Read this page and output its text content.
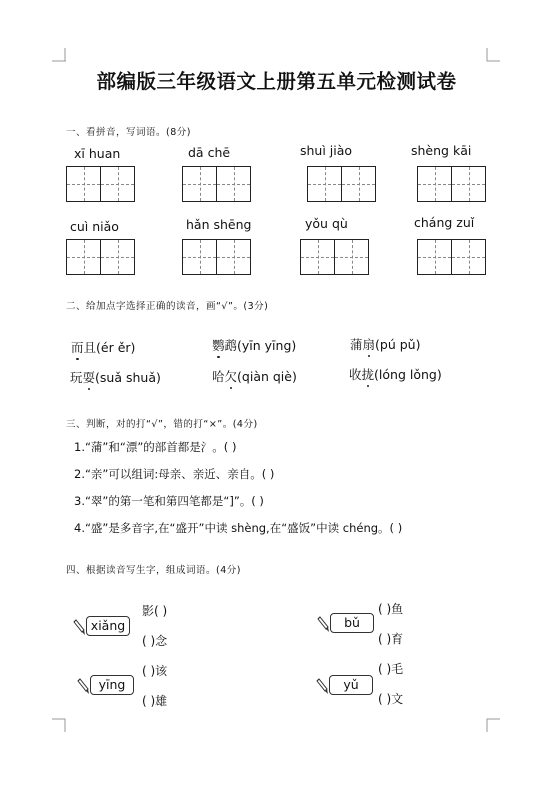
部编版三年级语文上册第五单元检测试卷
一、看拼音，写词语。(8分)
xī huan	dā chē	shuì jiào	shèng kāi
cuì niǎo	hǎn shēng	yǒu qù	cháng zuǐ
二、给加点字选择正确的读音，画“√”。(3分)
而且(ér ěr)	鹦鹉(yīn yīng)	蒲扇(pú pǔ)
玩耍(suǎ shuǎ)	哈欠(qiàn qiè)	收拢(lóng lǒng)
三、判断，对的打“√”，错的打“×”。(4分)
1.“蒲”和“漂”的部首都是氵。( )
2.“亲”可以组词:母亲、亲近、亲自。( )
3.“翠”的第一笔和第四笔都是“]”。( )
4.“盛”是多音字,在“盛开”中读 shèng,在“盛饭”中读 chéng。( )
四、根据读音写生字，组成词语。(4分)
xiǎng
影( )
( )念
bǔ
( )鱼
( )育
yīng
( )该
( )雄
yǔ
( )毛
( )文
